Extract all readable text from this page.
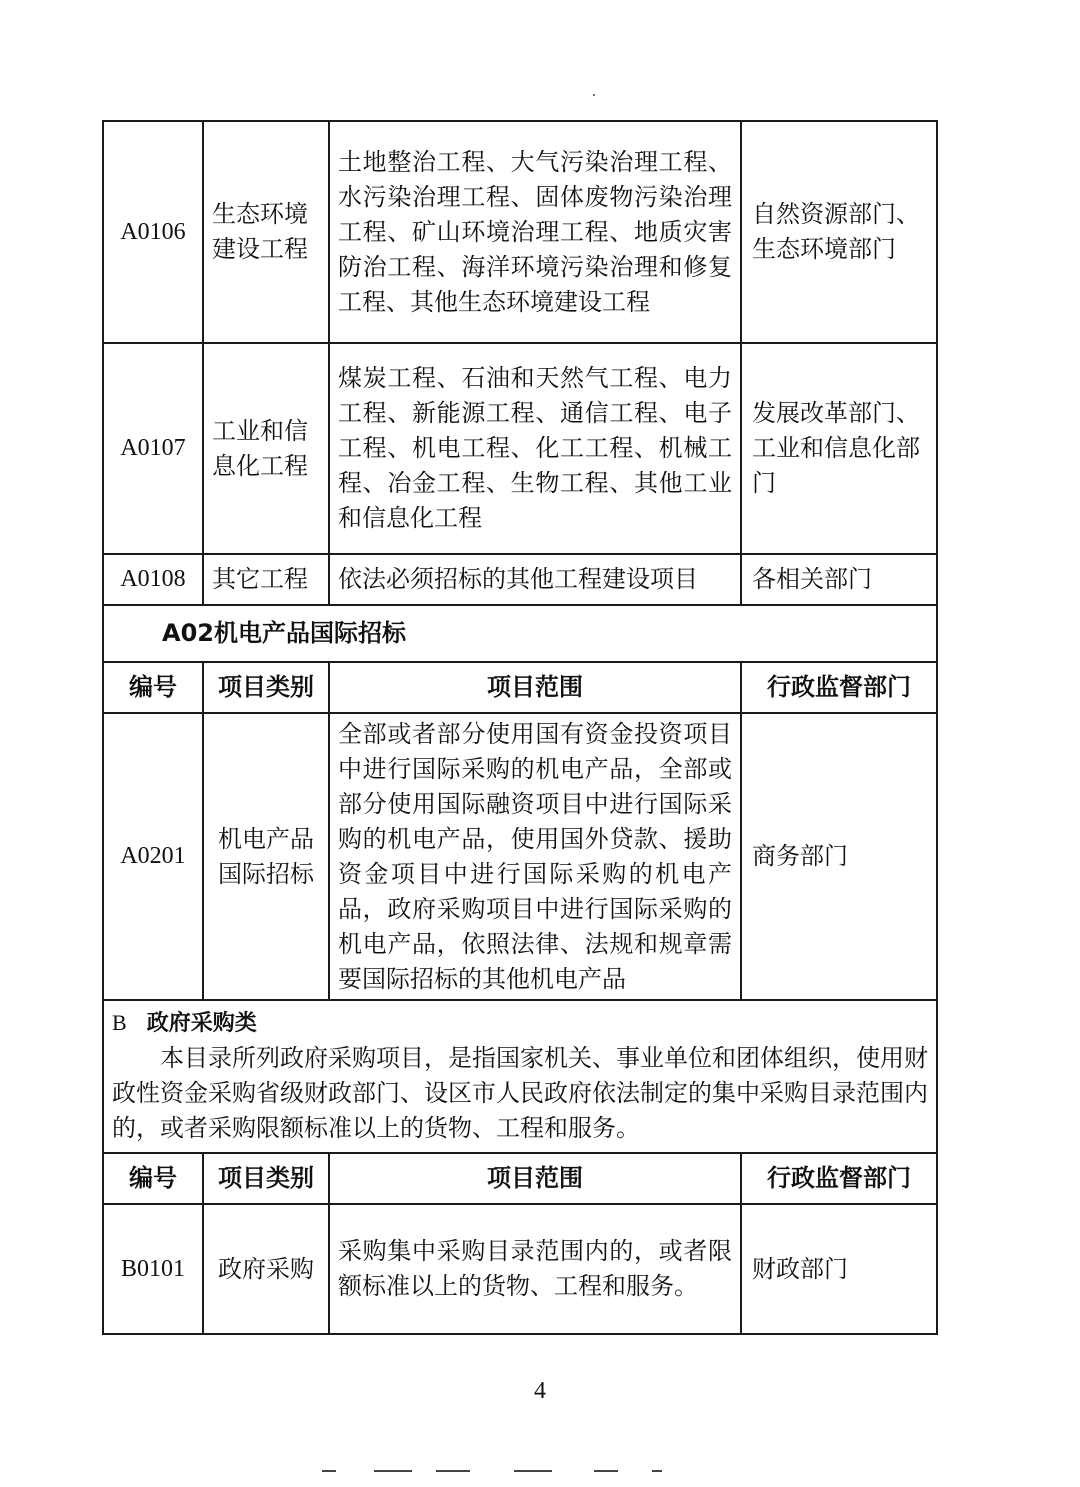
A0106	生态环境建设工程	土地整治工程、大气污染治理工程、水污染治理工程、固体废物污染治理工程、矿山环境治理工程、地质灾害防治工程、海洋环境污染治理和修复工程、其他生态环境建设工程	自然资源部门、生态环境部门
A0107	工业和信息化工程	煤炭工程、石油和天然气工程、电力工程、新能源工程、通信工程、电子工程、机电工程、化工工程、机械工程、冶金工程、生物工程、其他工业和信息化工程	发展改革部门、工业和信息化部门
A0108	其它工程	依法必须招标的其他工程建设项目	各相关部门
A02机电产品国际招标			
编号	项目类别	项目范围	行政监督部门
A0201	机电产品国际招标	全部或者部分使用国有资金投资项目中进行国际采购的机电产品，全部或部分使用国际融资项目中进行国际采购的机电产品，使用国外贷款、援助资金项目中进行国际采购的机电产品，政府采购项目中进行国际采购的机电产品，依照法律、法规和规章需要国际招标的其他机电产品	商务部门

B 政府采购类
本目录所列政府采购项目，是指国家机关、事业单位和团体组织，使用财政性资金采购省级财政部门、设区市人民政府依法制定的集中采购目录范围内的，或者采购限额标准以上的货物、工程和服务。			

编号	项目类别	项目范围	行政监督部门
B0101	政府采购	采购集中采购目录范围内的，或者限额标准以上的货物、工程和服务。	财政部门
4
